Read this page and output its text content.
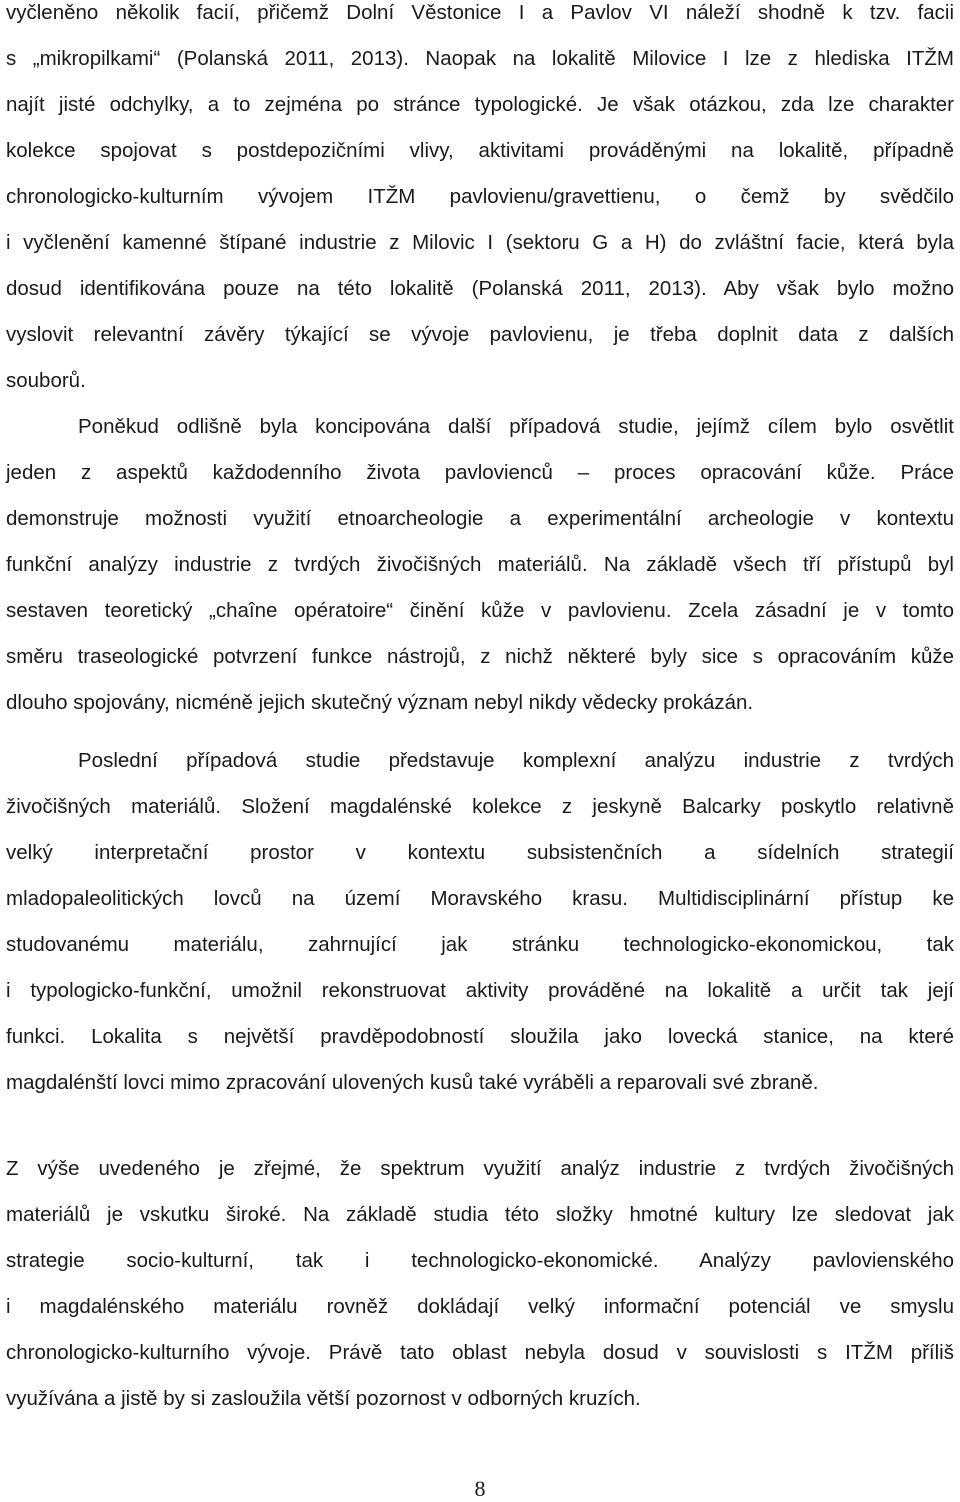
vyčleněno několik facií, přičemž Dolní Věstonice I a Pavlov VI náleží shodně k tzv. facii
s „mikropilkami“ (Polanská 2011, 2013). Naopak na lokalitě Milovice I lze z hlediska ITŽM
najít jisté odchylky, a to zejména po stránce typologické. Je však otázkou, zda lze charakter
kolekce spojovat s postdepozičními vlivy, aktivitami prováděnými na lokalitě, případně
chronologicko-kulturním vývojem ITŽM pavlovienu/gravettienu, o čemž by svědčilo
i vyčlenění kamenné štípané industrie z Milovic I (sektoru G a H) do zvláštní facie, která byla
dosud identifikována pouze na této lokalitě (Polanská 2011, 2013). Aby však bylo možno
vyslovit relevantní závěry týkající se vývoje pavlovienu, je třeba doplnit data z dalších
souborů.
Poněkud odlišně byla koncipována další případová studie, jejímž cílem bylo osvětlit
jeden z aspektů každodenního života pavlovienců – proces opracování kůže. Práce
demonstruje možnosti využití etnoarcheologie a experimentální archeologie v kontextu
funkční analýzy industrie z tvrdých živočišných materiálů. Na základě všech tří přístupů byl
sestaven teoretický „chaîne opératoire“ činění kůže v pavlovienu. Zcela zásadní je v tomto
směru traseologické potvrzení funkce nástrojů, z nichž některé byly sice s opracováním kůže
dlouho spojovány, nicméně jejich skutečný význam nebyl nikdy vědecky prokázán.
Poslední případová studie představuje komplexní analýzu industrie z tvrdých
živočišných materiálů. Složení magdalénské kolekce z jeskyně Balcarky poskytlo relativně
velký interpretační prostor v kontextu subsistenčních a sídelních strategií
mladopaleolitických lovců na území Moravského krasu. Multidisciplinární přístup ke
studovanému materiálu, zahrnující jak stránku technologicko-ekonomickou, tak
i typologicko-funkční, umožnil rekonstruovat aktivity prováděné na lokalitě a určit tak její
funkci. Lokalita s největší pravděpodobností sloužila jako lovecká stanice, na které
magdalénští lovci mimo zpracování ulovených kusů také vyráběli a reparovali své zbraně.
Z výše uvedeného je zřejmé, že spektrum využití analýz industrie z tvrdých živočišných
materiálů je vskutku široké. Na základě studia této složky hmotné kultury lze sledovat jak
strategie socio-kulturní, tak i technologicko-ekonomické. Analýzy pavlovienského
i magdalénského materiálu rovněž dokládají velký informační potenciál ve smyslu
chronologicko-kulturního vývoje. Právě tato oblast nebyla dosud v souvislosti s ITŽM příliš
využívána a jistě by si zasloužila větší pozornost v odborných kruzích.
8
